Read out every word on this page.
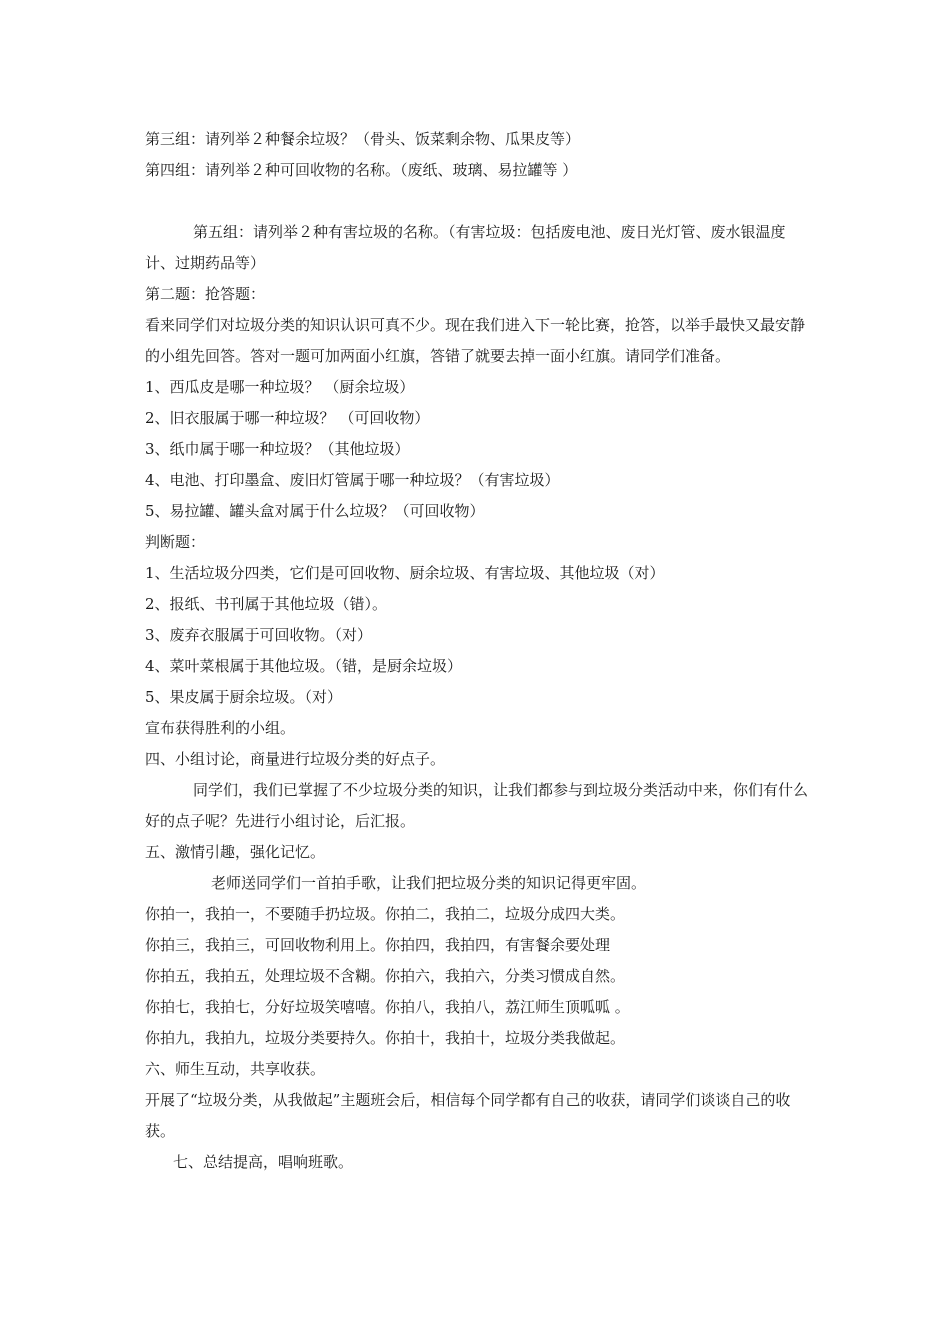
第三组：请列举２种餐余垃圾？（骨头、饭菜剩余物、瓜果皮等）

第四组：请列举２种可回收物的名称。（废纸、玻璃、易拉罐等 ）

第五组：请列举２种有害垃圾的名称。（有害垃圾：包括废电池、废日光灯管、废水银温度计、过期药品等）

第二题：抢答题：

看来同学们对垃圾分类的知识认识可真不少。现在我们进入下一轮比赛，抢答，以举手最快又最安静的小组先回答。答对一题可加两面小红旗，答错了就要去掉一面小红旗。请同学们准备。

1、西瓜皮是哪一种垃圾？ （厨余垃圾）

2、旧衣服属于哪一种垃圾？ （可回收物）

3、纸巾属于哪一种垃圾？（其他垃圾）

4、电池、打印墨盒、废旧灯管属于哪一种垃圾？（有害垃圾）

5、易拉罐、罐头盒对属于什么垃圾？（可回收物）

判断题：

1、生活垃圾分四类，它们是可回收物、厨余垃圾、有害垃圾、其他垃圾（对）

2、报纸、书刊属于其他垃圾（错）。

3、废弃衣服属于可回收物。（对）

4、菜叶菜根属于其他垃圾。（错，是厨余垃圾）

5、果皮属于厨余垃圾。（对）

宣布获得胜利的小组。

四、小组讨论，商量进行垃圾分类的好点子。

同学们，我们已掌握了不少垃圾分类的知识，让我们都参与到垃圾分类活动中来，你们有什么好的点子呢？先进行小组讨论，后汇报。

五、激情引趣，强化记忆。

老师送同学们一首拍手歌，让我们把垃圾分类的知识记得更牢固。

你拍一，我拍一，不要随手扔垃圾。你拍二，我拍二，垃圾分成四大类。

你拍三，我拍三，可回收物利用上。你拍四，我拍四，有害餐余要处理

你拍五，我拍五，处理垃圾不含糊。你拍六，我拍六，分类习惯成自然。

你拍七，我拍七，分好垃圾笑嘻嘻。你拍八，我拍八，荔江师生顶呱呱 。

你拍九，我拍九，垃圾分类要持久。你拍十，我拍十，垃圾分类我做起。

六、师生互动，共享收获。

开展了“垃圾分类，从我做起”主题班会后，相信每个同学都有自己的收获，请同学们谈谈自己的收获。

七、总结提高，唱响班歌。
